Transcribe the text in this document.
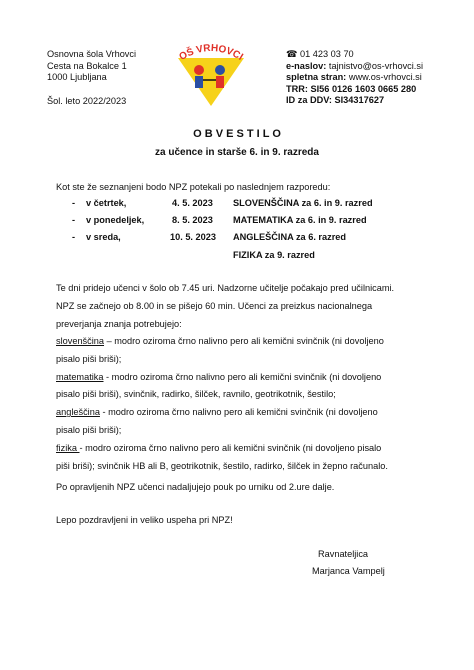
Osnovna šola Vrhovci
Cesta na Bokalce 1
1000 Ljubljana
Šol. leto 2022/2023
OŠ VRHOVCI	☎ 01 423 03 70
e-naslov: tajnistvo@os-vrhovci.si
spletna stran: www.os-vrhovci.si
TRR: SI56 0126 1603 0665 280
ID za DDV: SI34317627
O B V E S T I L O
za učence in starše 6. in 9. razreda
Kot ste že seznanjeni bodo NPZ potekali po naslednjem razporedu:
- v četrtek,	4. 5. 2023 SLOVENŠČINA za 6. in 9. razred
- v ponedeljek,	8. 5. 2023 MATEMATIKA za 6. in 9. razred
- v sreda,	10. 5. 2023 ANGLEŠČINA za 6. razred
FIZIKA za 9. razred
Te dni pridejo učenci v šolo ob 7.45 uri. Nadzorne učitelje počakajo pred učilnicami.
NPZ se začnejo ob 8.00 in se pišejo 60 min. Učenci za preizkus nacionalnega
preverjanja znanja potrebujejo:
slovenščina – modro oziroma črno nalivno pero ali kemični svinčnik (ni dovoljeno
pisalo piši briši);
matematika - modro oziroma črno nalivno pero ali kemični svinčnik (ni dovoljeno
pisalo piši briši), svinčnik, radirko, šilček, ravnilo, geotrikotnik, šestilo;
angleščina - modro oziroma črno nalivno pero ali kemični svinčnik (ni dovoljeno
pisalo piši briši);
fizika - modro oziroma črno nalivno pero ali kemični svinčnik (ni dovoljeno pisalo
piši briši); svinčnik HB ali B, geotrikotnik, šestilo, radirko, šilček in žepno računalo.
Po opravljenih NPZ učenci nadaljujejo pouk po urniku od 2.ure dalje.
Lepo pozdravljeni in veliko uspeha pri NPZ!
Ravnateljica
Marjanca Vampelj
